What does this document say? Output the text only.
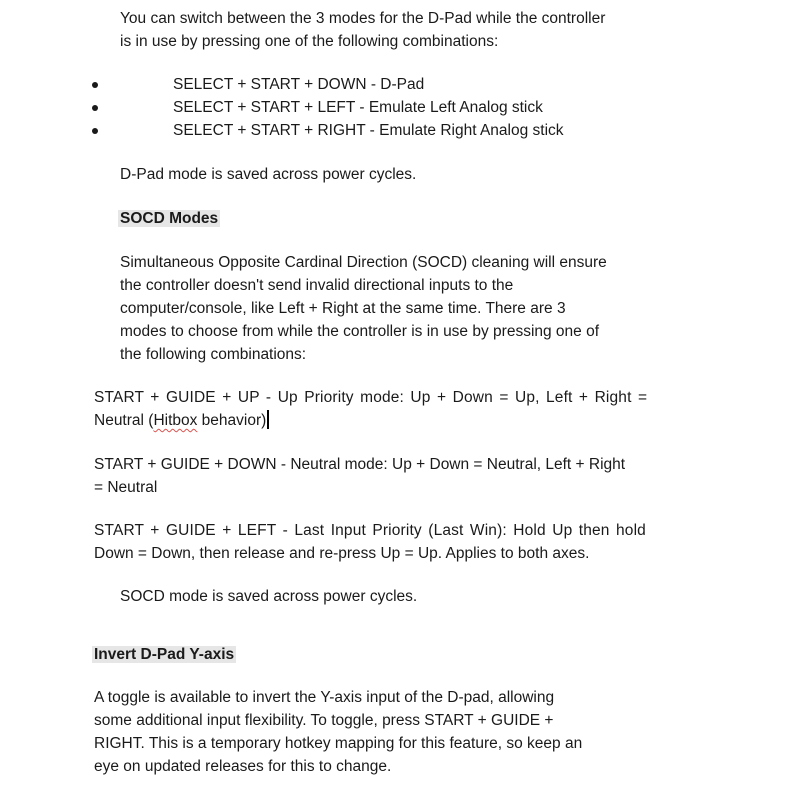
You can switch between the 3 modes for the D-Pad while the controller

is in use by pressing one of the following combinations:

SELECT + START + DOWN - D-Pad
SELECT + START + LEFT - Emulate Left Analog stick
SELECT + START + RIGHT - Emulate Right Analog stick

D-Pad mode is saved across power cycles.

SOCD Modes

Simultaneous Opposite Cardinal Direction (SOCD) cleaning will ensure

the controller doesn't send invalid directional inputs to the

computer/console, like Left + Right at the same time. There are 3

modes to choose from while the controller is in use by pressing one of

the following combinations:

START + GUIDE + UP - Up Priority mode: Up + Down = Up, Left + Right =

Neutral (Hitbox behavior)

START + GUIDE + DOWN - Neutral mode: Up + Down = Neutral, Left + Right

= Neutral

START + GUIDE + LEFT - Last Input Priority (Last Win): Hold Up then hold

Down = Down, then release and re-press Up = Up. Applies to both axes.

SOCD mode is saved across power cycles.

Invert D-Pad Y-axis

A toggle is available to invert the Y-axis input of the D-pad, allowing

some additional input flexibility. To toggle, press START + GUIDE +

RIGHT. This is a temporary hotkey mapping for this feature, so keep an

eye on updated releases for this to change.
